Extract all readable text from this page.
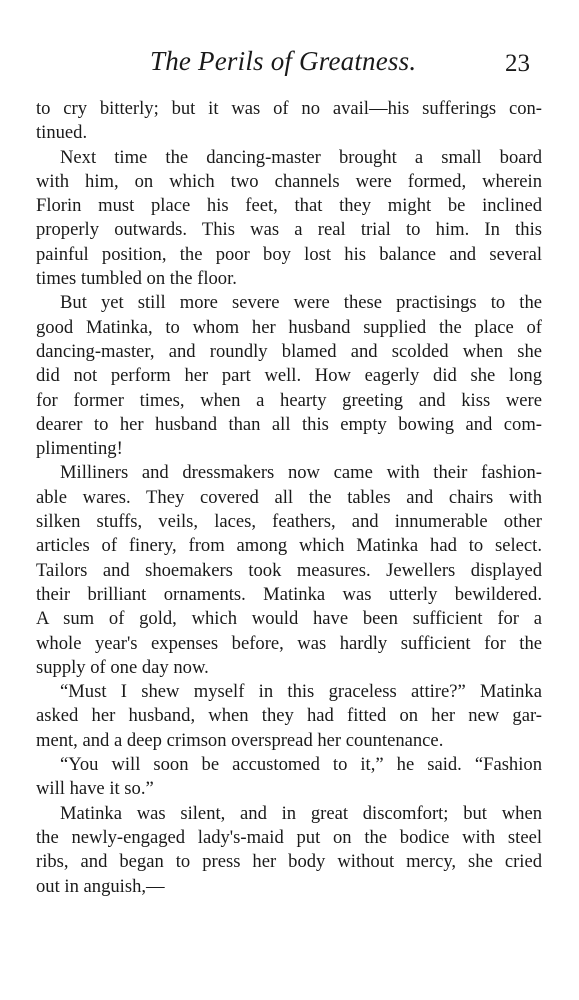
The Perils of Greatness.	23
to cry bitterly; but it was of no avail—his sufferings con-
tinued.
Next time the dancing-master brought a small board
with him, on which two channels were formed, wherein
Florin must place his feet, that they might be inclined
properly outwards. This was a real trial to him. In this
painful position, the poor boy lost his balance and several
times tumbled on the floor.
But yet still more severe were these practisings to the
good Matinka, to whom her husband supplied the place of
dancing-master, and roundly blamed and scolded when she
did not perform her part well. How eagerly did she long
for former times, when a hearty greeting and kiss were
dearer to her husband than all this empty bowing and com-
plimenting!
Milliners and dressmakers now came with their fashion-
able wares. They covered all the tables and chairs with
silken stuffs, veils, laces, feathers, and innumerable other
articles of finery, from among which Matinka had to select.
Tailors and shoemakers took measures. Jewellers displayed
their brilliant ornaments. Matinka was utterly bewildered.
A sum of gold, which would have been sufficient for a
whole year's expenses before, was hardly sufficient for the
supply of one day now.
“Must I shew myself in this graceless attire?” Matinka
asked her husband, when they had fitted on her new gar-
ment, and a deep crimson overspread her countenance.
“You will soon be accustomed to it,” he said. “Fashion
will have it so.”
Matinka was silent, and in great discomfort; but when
the newly-engaged lady's-maid put on the bodice with steel
ribs, and began to press her body without mercy, she cried
out in anguish,—
